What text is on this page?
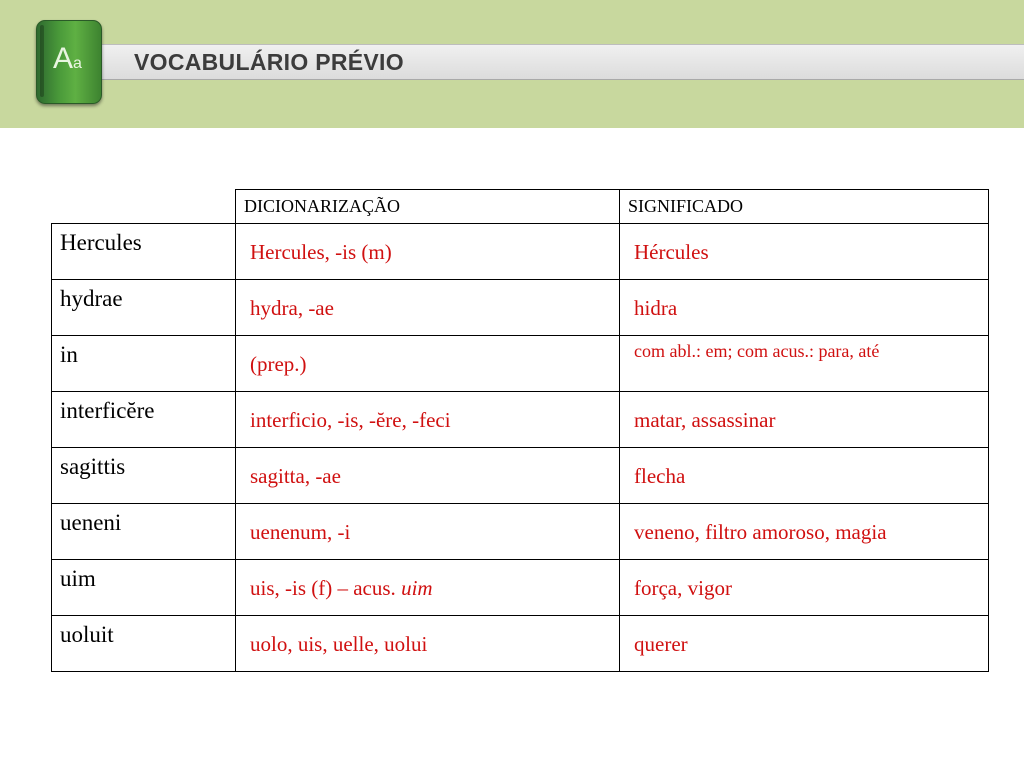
Aa VOCABULÁRIO PRÉVIO
	DICIONARIZAÇÃO	SIGNIFICADO
Hercules	Hercules, -is (m)	Hércules
hydrae	hydra, -ae	hidra
in	(prep.)	com abl.: em; com acus.: para, até
interficĕre	interficio, -is, -ĕre, -feci	matar, assassinar
sagittis	sagitta, -ae	flecha
ueneni	uenenum, -i	veneno, filtro amoroso, magia
uim	uis, -is (f) – acus. uim	força, vigor
uoluit	uolo, uis, uelle, uolui	querer
